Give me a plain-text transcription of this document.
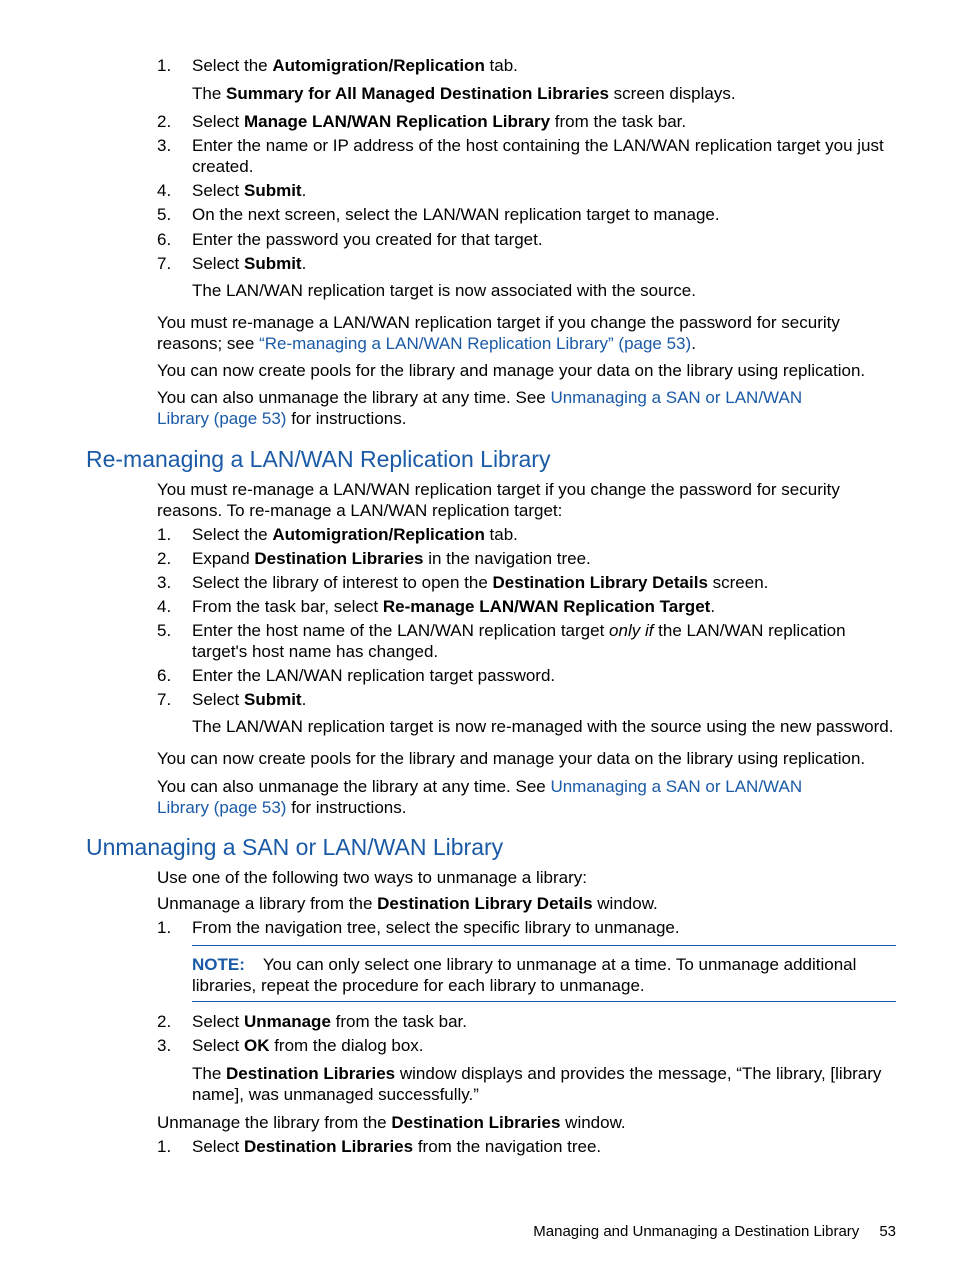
1.	Select the Automigration/Replication tab.

The Summary for All Managed Destination Libraries screen displays.

2.	Select Manage LAN/WAN Replication Library from the task bar.
3.	Enter the name or IP address of the host containing the LAN/WAN replication target you just created.
4.	Select Submit.
5.	On the next screen, select the LAN/WAN replication target to manage.
6.	Enter the password you created for that target.
7.	Select Submit.

The LAN/WAN replication target is now associated with the source.

You must re-manage a LAN/WAN replication target if you change the password for security reasons; see “Re-managing a LAN/WAN Replication Library” (page 53).

You can now create pools for the library and manage your data on the library using replication.

You can also unmanage the library at any time. See Unmanaging a SAN or LAN/WAN Library (page 53) for instructions.

Re-managing a LAN/WAN Replication Library

You must re-manage a LAN/WAN replication target if you change the password for security reasons. To re-manage a LAN/WAN replication target:

1.	Select the Automigration/Replication tab.
2.	Expand Destination Libraries in the navigation tree.
3.	Select the library of interest to open the Destination Library Details screen.
4.	From the task bar, select Re-manage LAN/WAN Replication Target.
5.	Enter the host name of the LAN/WAN replication target only if the LAN/WAN replication target's host name has changed.
6.	Enter the LAN/WAN replication target password.
7.	Select Submit.

The LAN/WAN replication target is now re-managed with the source using the new password.

You can now create pools for the library and manage your data on the library using replication.

You can also unmanage the library at any time. See Unmanaging a SAN or LAN/WAN Library (page 53) for instructions.

Unmanaging a SAN or LAN/WAN Library

Use one of the following two ways to unmanage a library:

Unmanage a library from the Destination Library Details window.

1.	From the navigation tree, select the specific library to unmanage.
NOTE: You can only select one library to unmanage at a time. To unmanage additional libraries, repeat the procedure for each library to unmanage.
2.	Select Unmanage from the task bar.
3.	Select OK from the dialog box.

The Destination Libraries window displays and provides the message, “The library, [library name], was unmanaged successfully.”

Unmanage the library from the Destination Libraries window.

1.	Select Destination Libraries from the navigation tree.
Managing and Unmanaging a Destination Library 53
